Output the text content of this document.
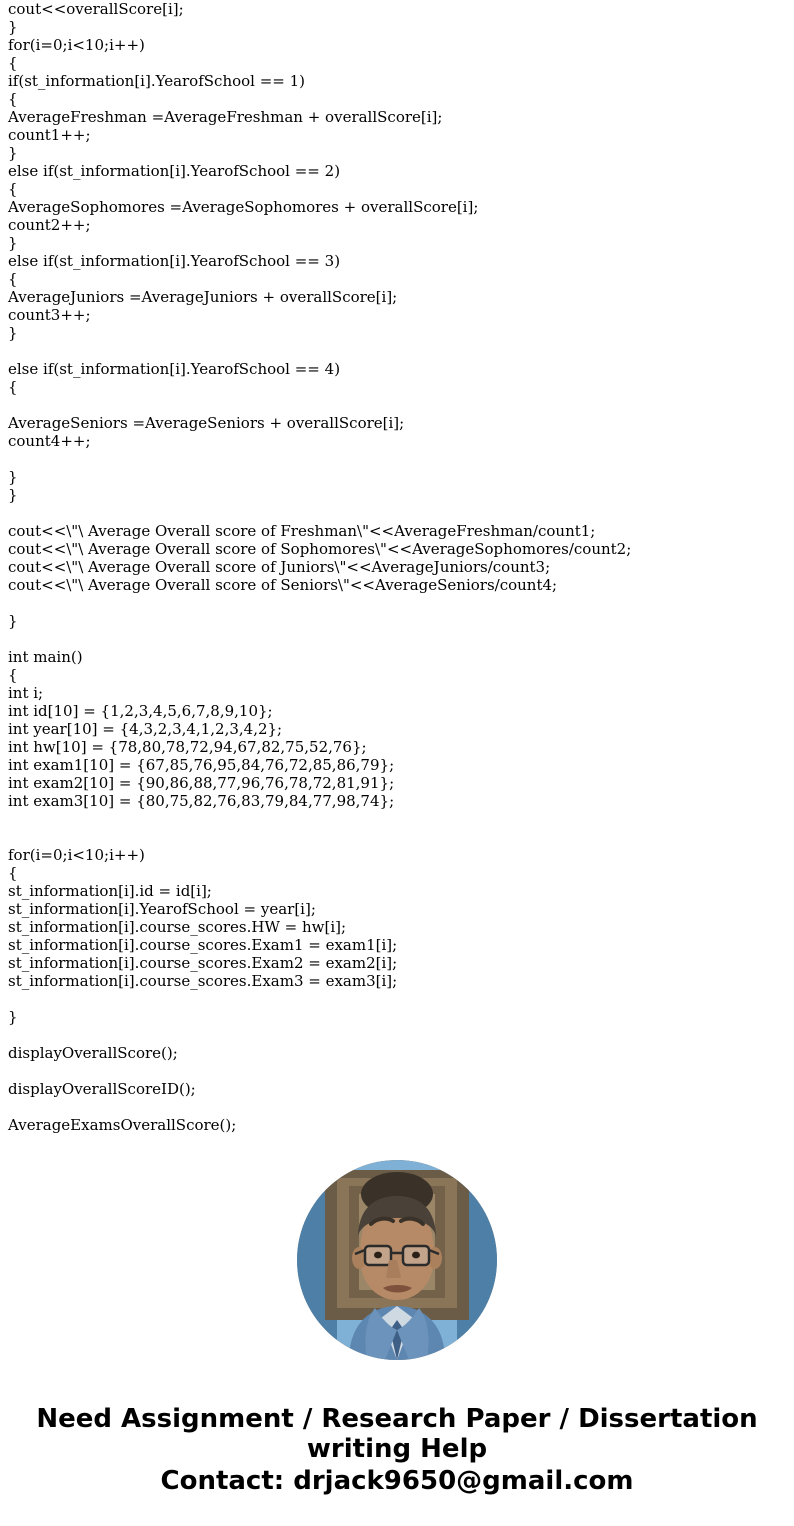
cout<<overallScore[i];
}
for(i=0;i<10;i++)
{
if(st_information[i].YearofSchool == 1)
{
AverageFreshman =AverageFreshman + overallScore[i];
count1++;
}
else if(st_information[i].YearofSchool == 2)
{
AverageSophomores =AverageSophomores + overallScore[i];
count2++;
}
else if(st_information[i].YearofSchool == 3)
{
AverageJuniors =AverageJuniors + overallScore[i];
count3++;
}

else if(st_information[i].YearofSchool == 4)
{

AverageSeniors =AverageSeniors + overallScore[i];
count4++;

}
}

cout<<\"\ Average Overall score of Freshman\"<<AverageFreshman/count1;
cout<<\"\ Average Overall score of Sophomores\"<<AverageSophomores/count2;
cout<<\"\ Average Overall score of Juniors\"<<AverageJuniors/count3;
cout<<\"\ Average Overall score of Seniors\"<<AverageSeniors/count4;

}

int main()
{
int i;
int id[10] = {1,2,3,4,5,6,7,8,9,10};
int year[10] = {4,3,2,3,4,1,2,3,4,2};
int hw[10] = {78,80,78,72,94,67,82,75,52,76};
int exam1[10] = {67,85,76,95,84,76,72,85,86,79};
int exam2[10] = {90,86,88,77,96,76,78,72,81,91};
int exam3[10] = {80,75,82,76,83,79,84,77,98,74};

for(i=0;i<10;i++)
{
st_information[i].id = id[i];
st_information[i].YearofSchool = year[i];
st_information[i].course_scores.HW = hw[i];
st_information[i].course_scores.Exam1 = exam1[i];
st_information[i].course_scores.Exam2 = exam2[i];
st_information[i].course_scores.Exam3 = exam3[i];

}

displayOverallScore();

displayOverallScoreID();

AverageExamsOverallScore();
Need Assignment / Research Paper / Dissertation writing Help
Contact: drjack9650@gmail.com
